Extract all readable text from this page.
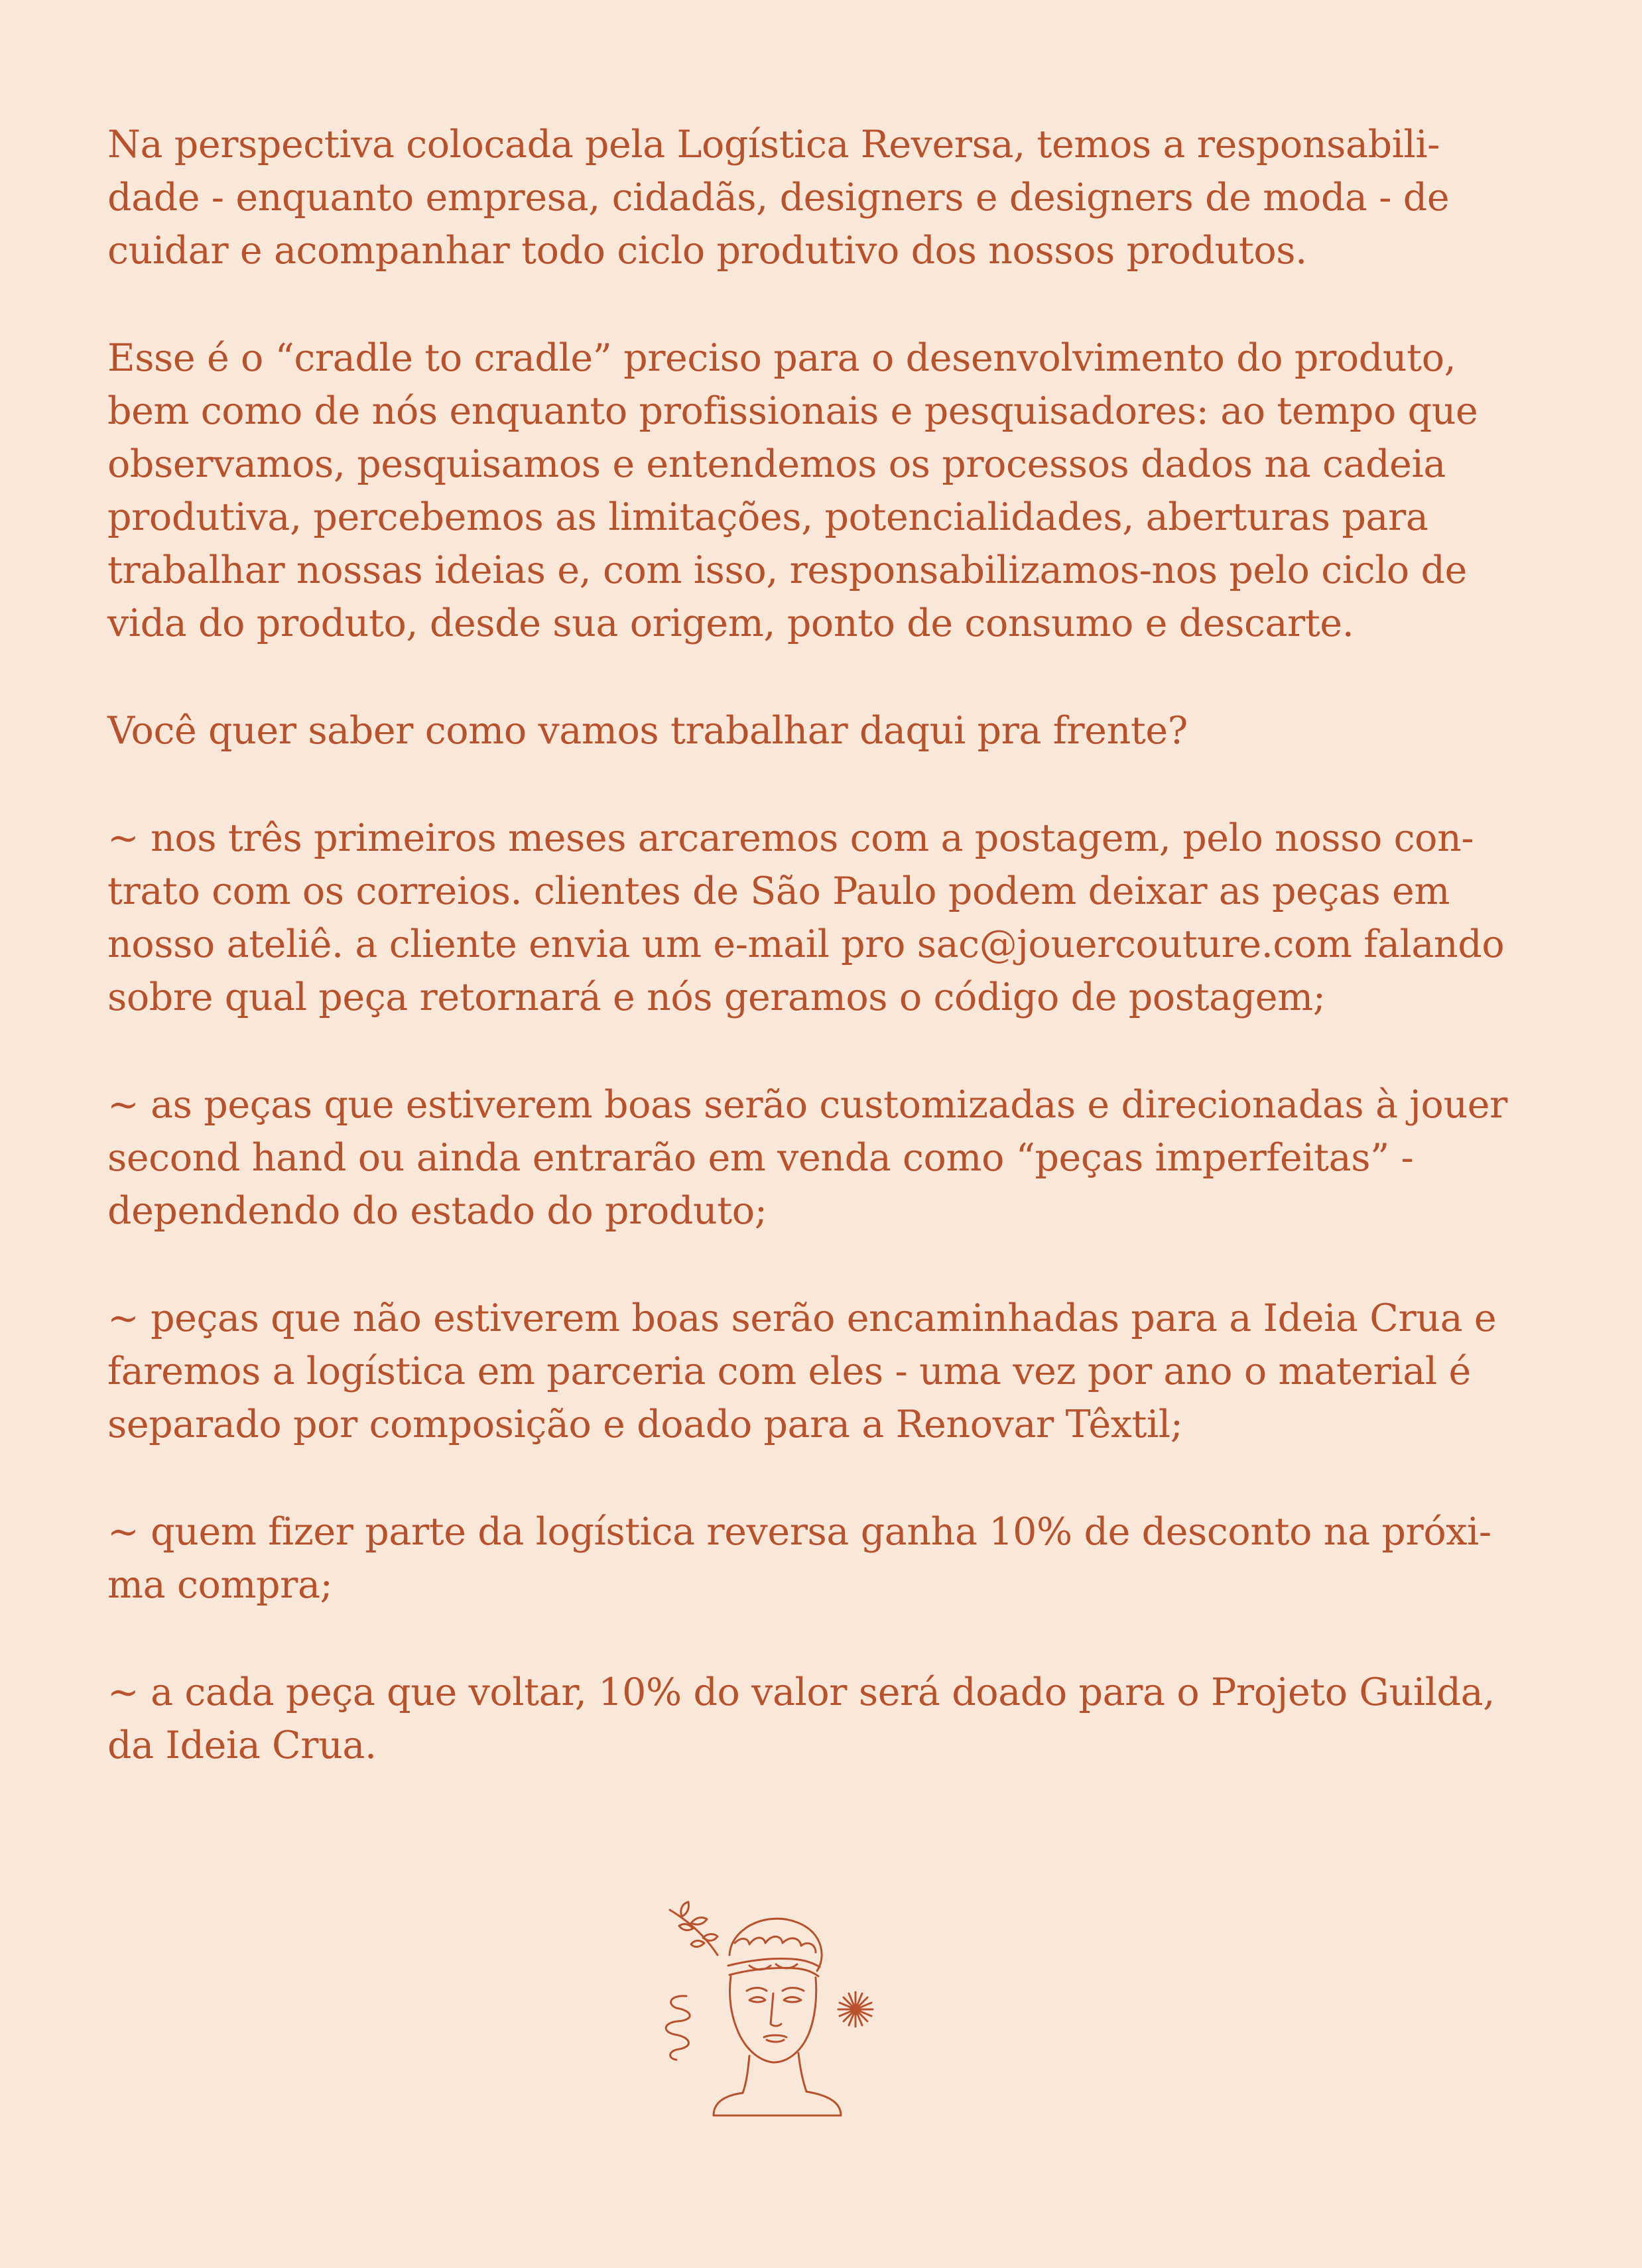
Na perspectiva colocada pela Logística Reversa, temos a responsabili-
dade - enquanto empresa, cidadãs, designers e designers de moda - de
cuidar e acompanhar todo ciclo produtivo dos nossos produtos.

Esse é o “cradle to cradle” preciso para o desenvolvimento do produto,
bem como de nós enquanto profissionais e pesquisadores: ao tempo que
observamos, pesquisamos e entendemos os processos dados na cadeia
produtiva, percebemos as limitações, potencialidades, aberturas para
trabalhar nossas ideias e, com isso, responsabilizamos-nos pelo ciclo de
vida do produto, desde sua origem, ponto de consumo e descarte.

Você quer saber como vamos trabalhar daqui pra frente?

~ nos três primeiros meses arcaremos com a postagem, pelo nosso con-
trato com os correios. clientes de São Paulo podem deixar as peças em
nosso ateliê. a cliente envia um e-mail pro sac@jouercouture.com falando
sobre qual peça retornará e nós geramos o código de postagem;

~ as peças que estiverem boas serão customizadas e direcionadas à jouer
second hand ou ainda entrarão em venda como “peças imperfeitas” -
dependendo do estado do produto;

~ peças que não estiverem boas serão encaminhadas para a Ideia Crua e
faremos a logística em parceria com eles - uma vez por ano o material é
separado por composição e doado para a Renovar Têxtil;

~ quem fizer parte da logística reversa ganha 10% de desconto na próxi-
ma compra;

~ a cada peça que voltar, 10% do valor será doado para o Projeto Guilda,
da Ideia Crua.
